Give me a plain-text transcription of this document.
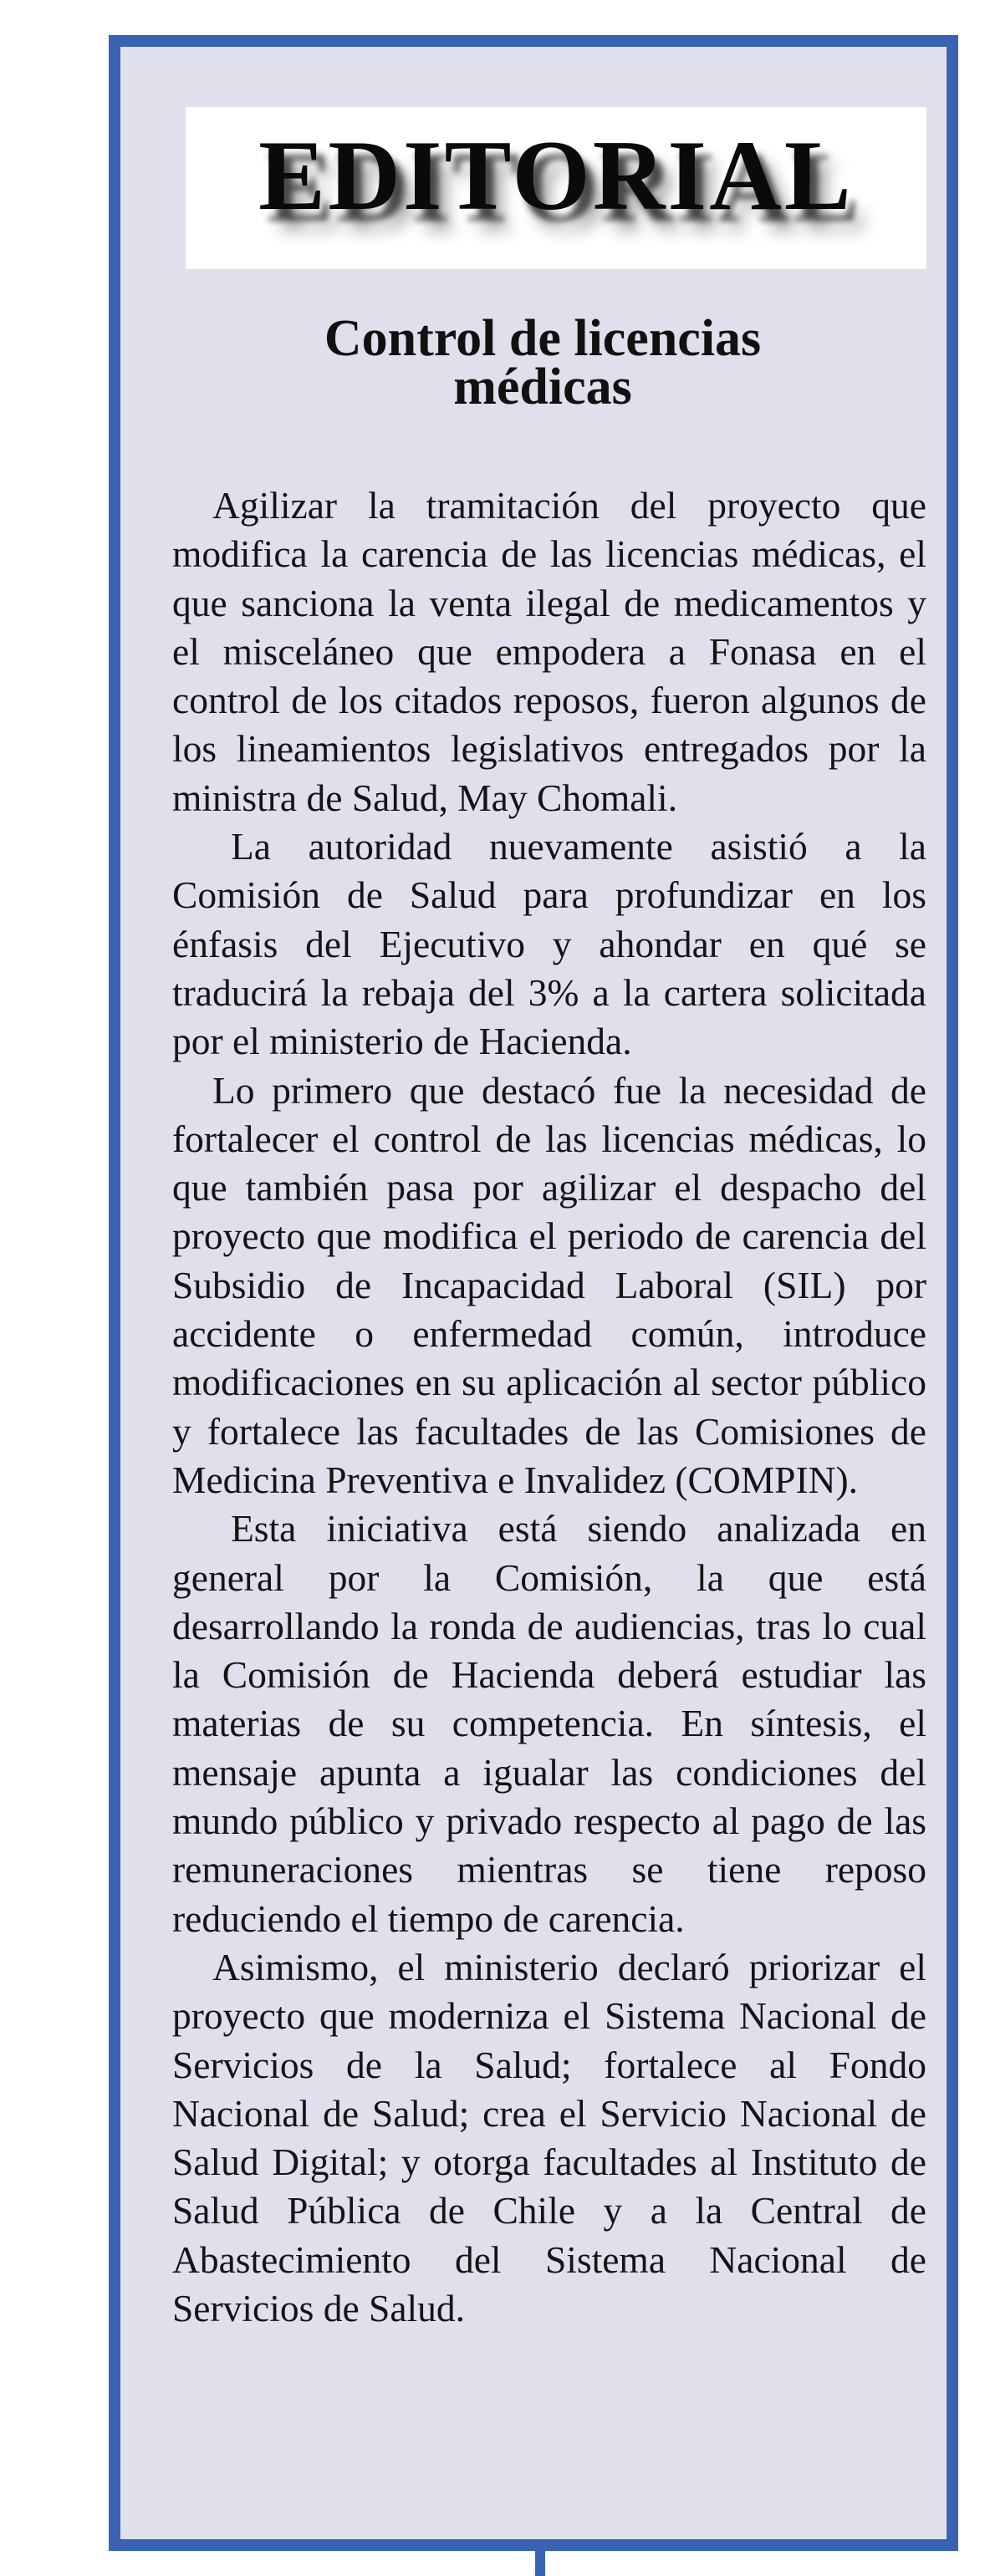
EDITORIAL
Control de licencias médicas

Agilizar la tramitación del proyecto que modifica la carencia de las licencias médicas, el que sanciona la venta ilegal de medicamentos y el misceláneo que empodera a Fonasa en el control de los citados reposos, fueron algunos de los lineamientos legislativos entregados por la ministra de Salud, May Chomali.

La autoridad nuevamente asistió a la Comisión de Salud para profundizar en los énfasis del Ejecutivo y ahondar en qué se traducirá la rebaja del 3% a la cartera solicitada por el ministerio de Hacienda.

Lo primero que destacó fue la necesidad de fortalecer el control de las licencias médicas, lo que también pasa por agilizar el despacho del proyecto que modifica el periodo de carencia del Subsidio de Incapacidad Laboral (SIL) por accidente o enfermedad común, introduce modificaciones en su aplicación al sector público y fortalece las facultades de las Comisiones de Medicina Preventiva e Invalidez (COMPIN).

Esta iniciativa está siendo analizada en general por la Comisión, la que está desarrollando la ronda de audiencias, tras lo cual la Comisión de Hacienda deberá estudiar las materias de su competencia. En síntesis, el mensaje apunta a igualar las condiciones del mundo público y privado respecto al pago de las remuneraciones mientras se tiene reposo reduciendo el tiempo de carencia.

Asimismo, el ministerio declaró priorizar el proyecto que moderniza el Sistema Nacional de Servicios de la Salud; fortalece al Fondo Nacional de Salud; crea el Servicio Nacional de Salud Digital; y otorga facultades al Instituto de Salud Pública de Chile y a la Central de Abastecimiento del Sistema Nacional de Servicios de Salud.
